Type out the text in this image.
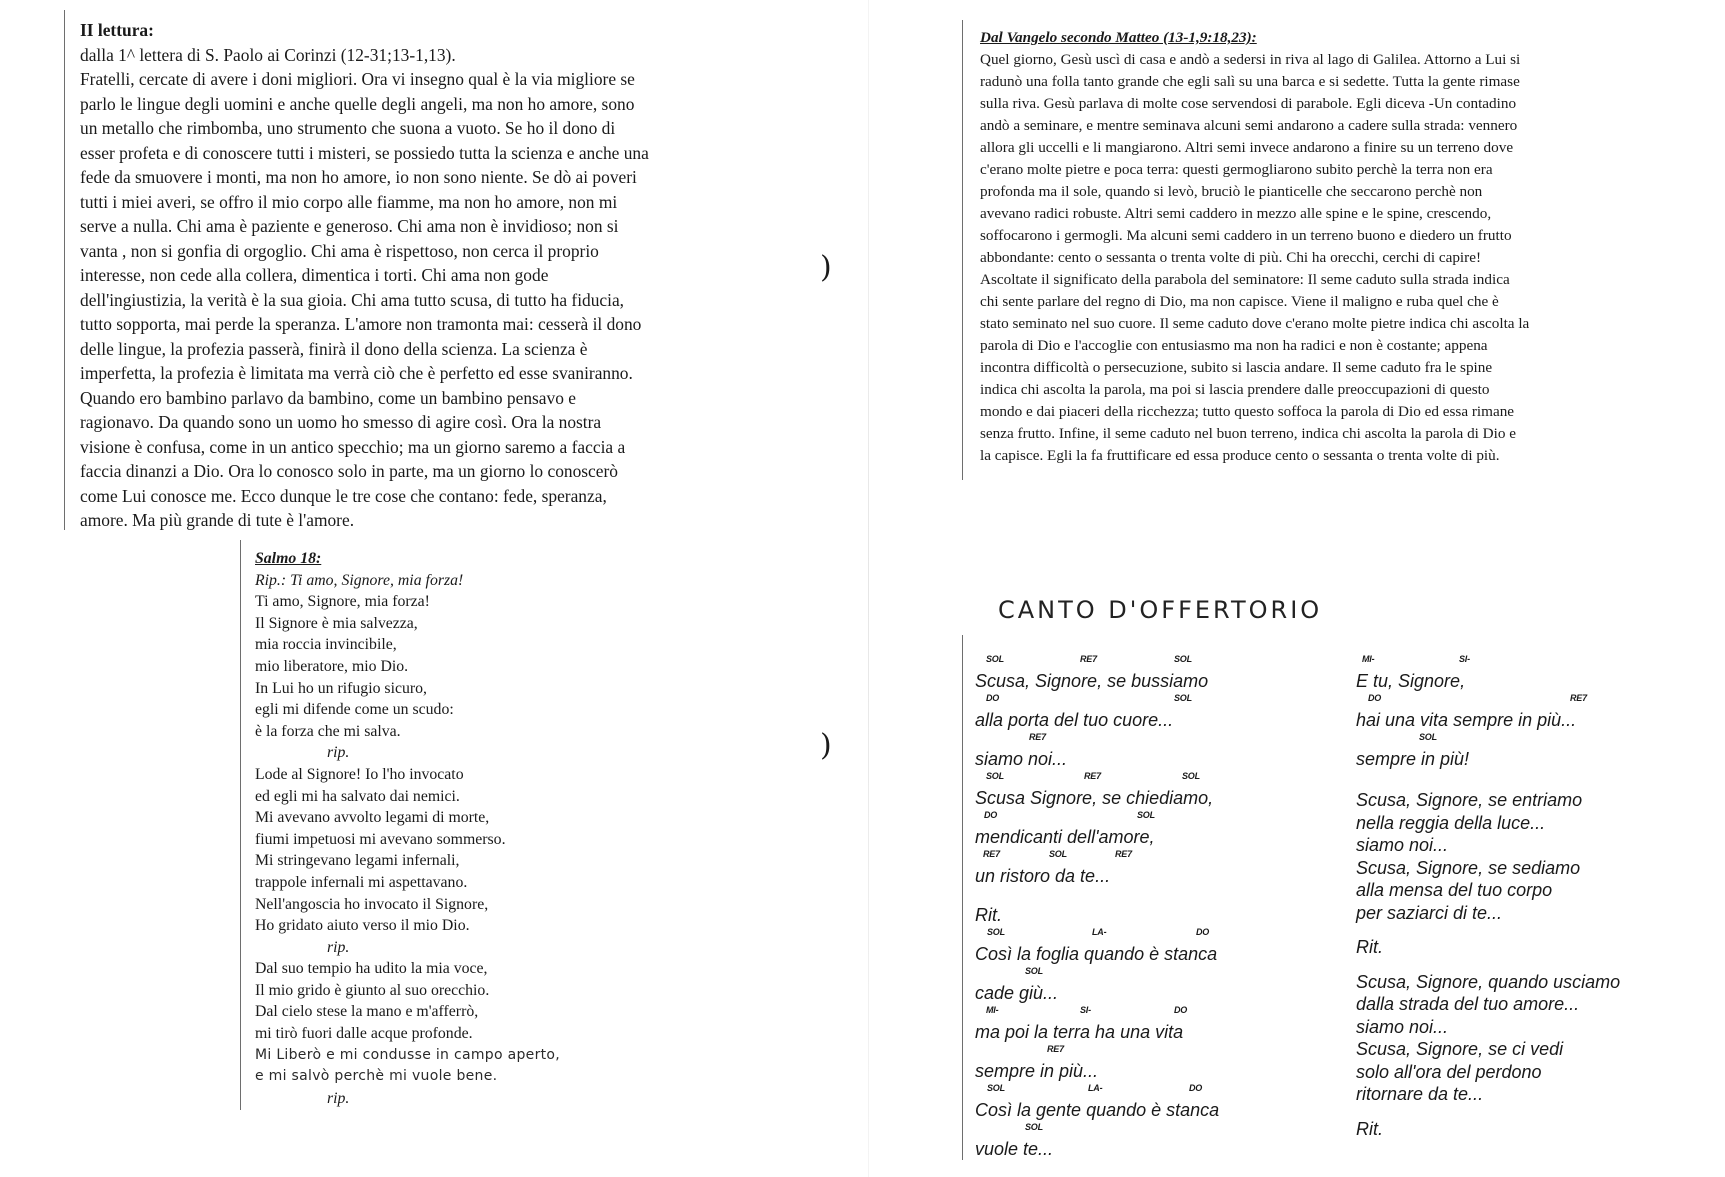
)
)
II lettura:
dalla 1^ lettera di S. Paolo ai Corinzi (12-31;13-1,13).
Fratelli, cercate di avere i doni migliori. Ora vi insegno qual è la via migliore se
parlo le lingue degli uomini e anche quelle degli angeli, ma non ho amore, sono
un metallo che rimbomba, uno strumento che suona a vuoto. Se ho il dono di
esser profeta e di conoscere tutti i misteri, se possiedo tutta la scienza e anche una
fede da smuovere i monti, ma non ho amore, io non sono niente. Se dò ai poveri
tutti i miei averi, se offro il mio corpo alle fiamme, ma non ho amore, non mi
serve a nulla. Chi ama è paziente e generoso. Chi ama non è invidioso; non si
vanta , non si gonfia di orgoglio. Chi ama è rispettoso, non cerca il proprio
interesse, non cede alla collera, dimentica i torti. Chi ama non gode
dell'ingiustizia, la verità è la sua gioia. Chi ama tutto scusa, di tutto ha fiducia,
tutto sopporta, mai perde la speranza. L'amore non tramonta mai: cesserà il dono
delle lingue, la profezia passerà, finirà il dono della scienza. La scienza è
imperfetta, la profezia è limitata ma verrà ciò che è perfetto ed esse svaniranno.
Quando ero bambino parlavo da bambino, come un bambino pensavo e
ragionavo. Da quando sono un uomo ho smesso di agire così. Ora la nostra
visione è confusa, come in un antico specchio; ma un giorno saremo a faccia a
faccia dinanzi a Dio. Ora lo conosco solo in parte, ma un giorno lo conoscerò
come Lui conosce me. Ecco dunque le tre cose che contano: fede, speranza,
amore. Ma più grande di tute è l'amore.
Dal Vangelo secondo Matteo (13-1,9:18,23):
Quel giorno, Gesù uscì di casa e andò a sedersi in riva al lago di Galilea. Attorno a Lui si
radunò una folla tanto grande che egli salì su una barca e si sedette. Tutta la gente rimase
sulla riva. Gesù parlava di molte cose servendosi di parabole. Egli diceva -Un contadino
andò a seminare, e mentre seminava alcuni semi andarono a cadere sulla strada: vennero
allora gli uccelli e li mangiarono. Altri semi invece andarono a finire su un terreno dove
c'erano molte pietre e poca terra: questi germogliarono subito perchè la terra non era
profonda ma il sole, quando si levò, bruciò le pianticelle che seccarono perchè non
avevano radici robuste. Altri semi caddero in mezzo alle spine e le spine, crescendo,
soffocarono i germogli. Ma alcuni semi caddero in un terreno buono e diedero un frutto
abbondante: cento o sessanta o trenta volte di più. Chi ha orecchi, cerchi di capire!
Ascoltate il significato della parabola del seminatore: Il seme caduto sulla strada indica
chi sente parlare del regno di Dio, ma non capisce. Viene il maligno e ruba quel che è
stato seminato nel suo cuore. Il seme caduto dove c'erano molte pietre indica chi ascolta la
parola di Dio e l'accoglie con entusiasmo ma non ha radici e non è costante; appena
incontra difficoltà o persecuzione, subito si lascia andare. Il seme caduto fra le spine
indica chi ascolta la parola, ma poi si lascia prendere dalle preoccupazioni di questo
mondo e dai piaceri della ricchezza; tutto questo soffoca la parola di Dio ed essa rimane
senza frutto. Infine, il seme caduto nel buon terreno, indica chi ascolta la parola di Dio e
la capisce. Egli la fa fruttificare ed essa produce cento o sessanta o trenta volte di più.
Salmo 18:
Rip.: Ti amo, Signore, mia forza!
Ti amo, Signore, mia forza!
Il Signore è mia salvezza,
mia roccia invincibile,
mio liberatore, mio Dio.
In Lui ho un rifugio sicuro,
egli mi difende come un scudo:
è la forza che mi salva.
rip.
Lode al Signore! Io l'ho invocato
ed egli mi ha salvato dai nemici.
Mi avevano avvolto legami di morte,
fiumi impetuosi mi avevano sommerso.
Mi stringevano legami infernali,
trappole infernali mi aspettavano.
Nell'angoscia ho invocato il Signore,
Ho gridato aiuto verso il mio Dio.
rip.
Dal suo tempio ha udito la mia voce,
Il mio grido è giunto al suo orecchio.
Dal cielo stese la mano e m'afferrò,
mi tirò fuori dalle acque profonde.
Mi Liberò e mi condusse in campo aperto,
e mi salvò perchè mi vuole bene.
rip.
CANTO D'OFFERTORIO
Scusa, Signore, se bussiamo
SOL	RE7	SOL
alla porta del tuo cuore...
DO	SOL
siamo noi...
RE7
Scusa Signore, se chiediamo,
SOL	RE7	SOL
mendicanti dell'amore,
DO	SOL
un ristoro da te...
RE7	SOL	RE7
Rit.
Così la foglia quando è stanca
SOL	LA-	DO
cade giù...
SOL
ma poi la terra ha una vita
MI-	SI-	DO
sempre in più...
RE7
Così la gente quando è stanca
SOL	LA-	DO
vuole te...
SOL
E tu, Signore,
MI-	SI-
hai una vita sempre in più...
DO	RE7
sempre in più!
SOL
Scusa, Signore, se entriamo
nella reggia della luce...
siamo noi...
Scusa, Signore, se sediamo
alla mensa del tuo corpo
per saziarci di te...
Rit.
Scusa, Signore, quando usciamo
dalla strada del tuo amore...
siamo noi...
Scusa, Signore, se ci vedi
solo all'ora del perdono
ritornare da te...
Rit.
